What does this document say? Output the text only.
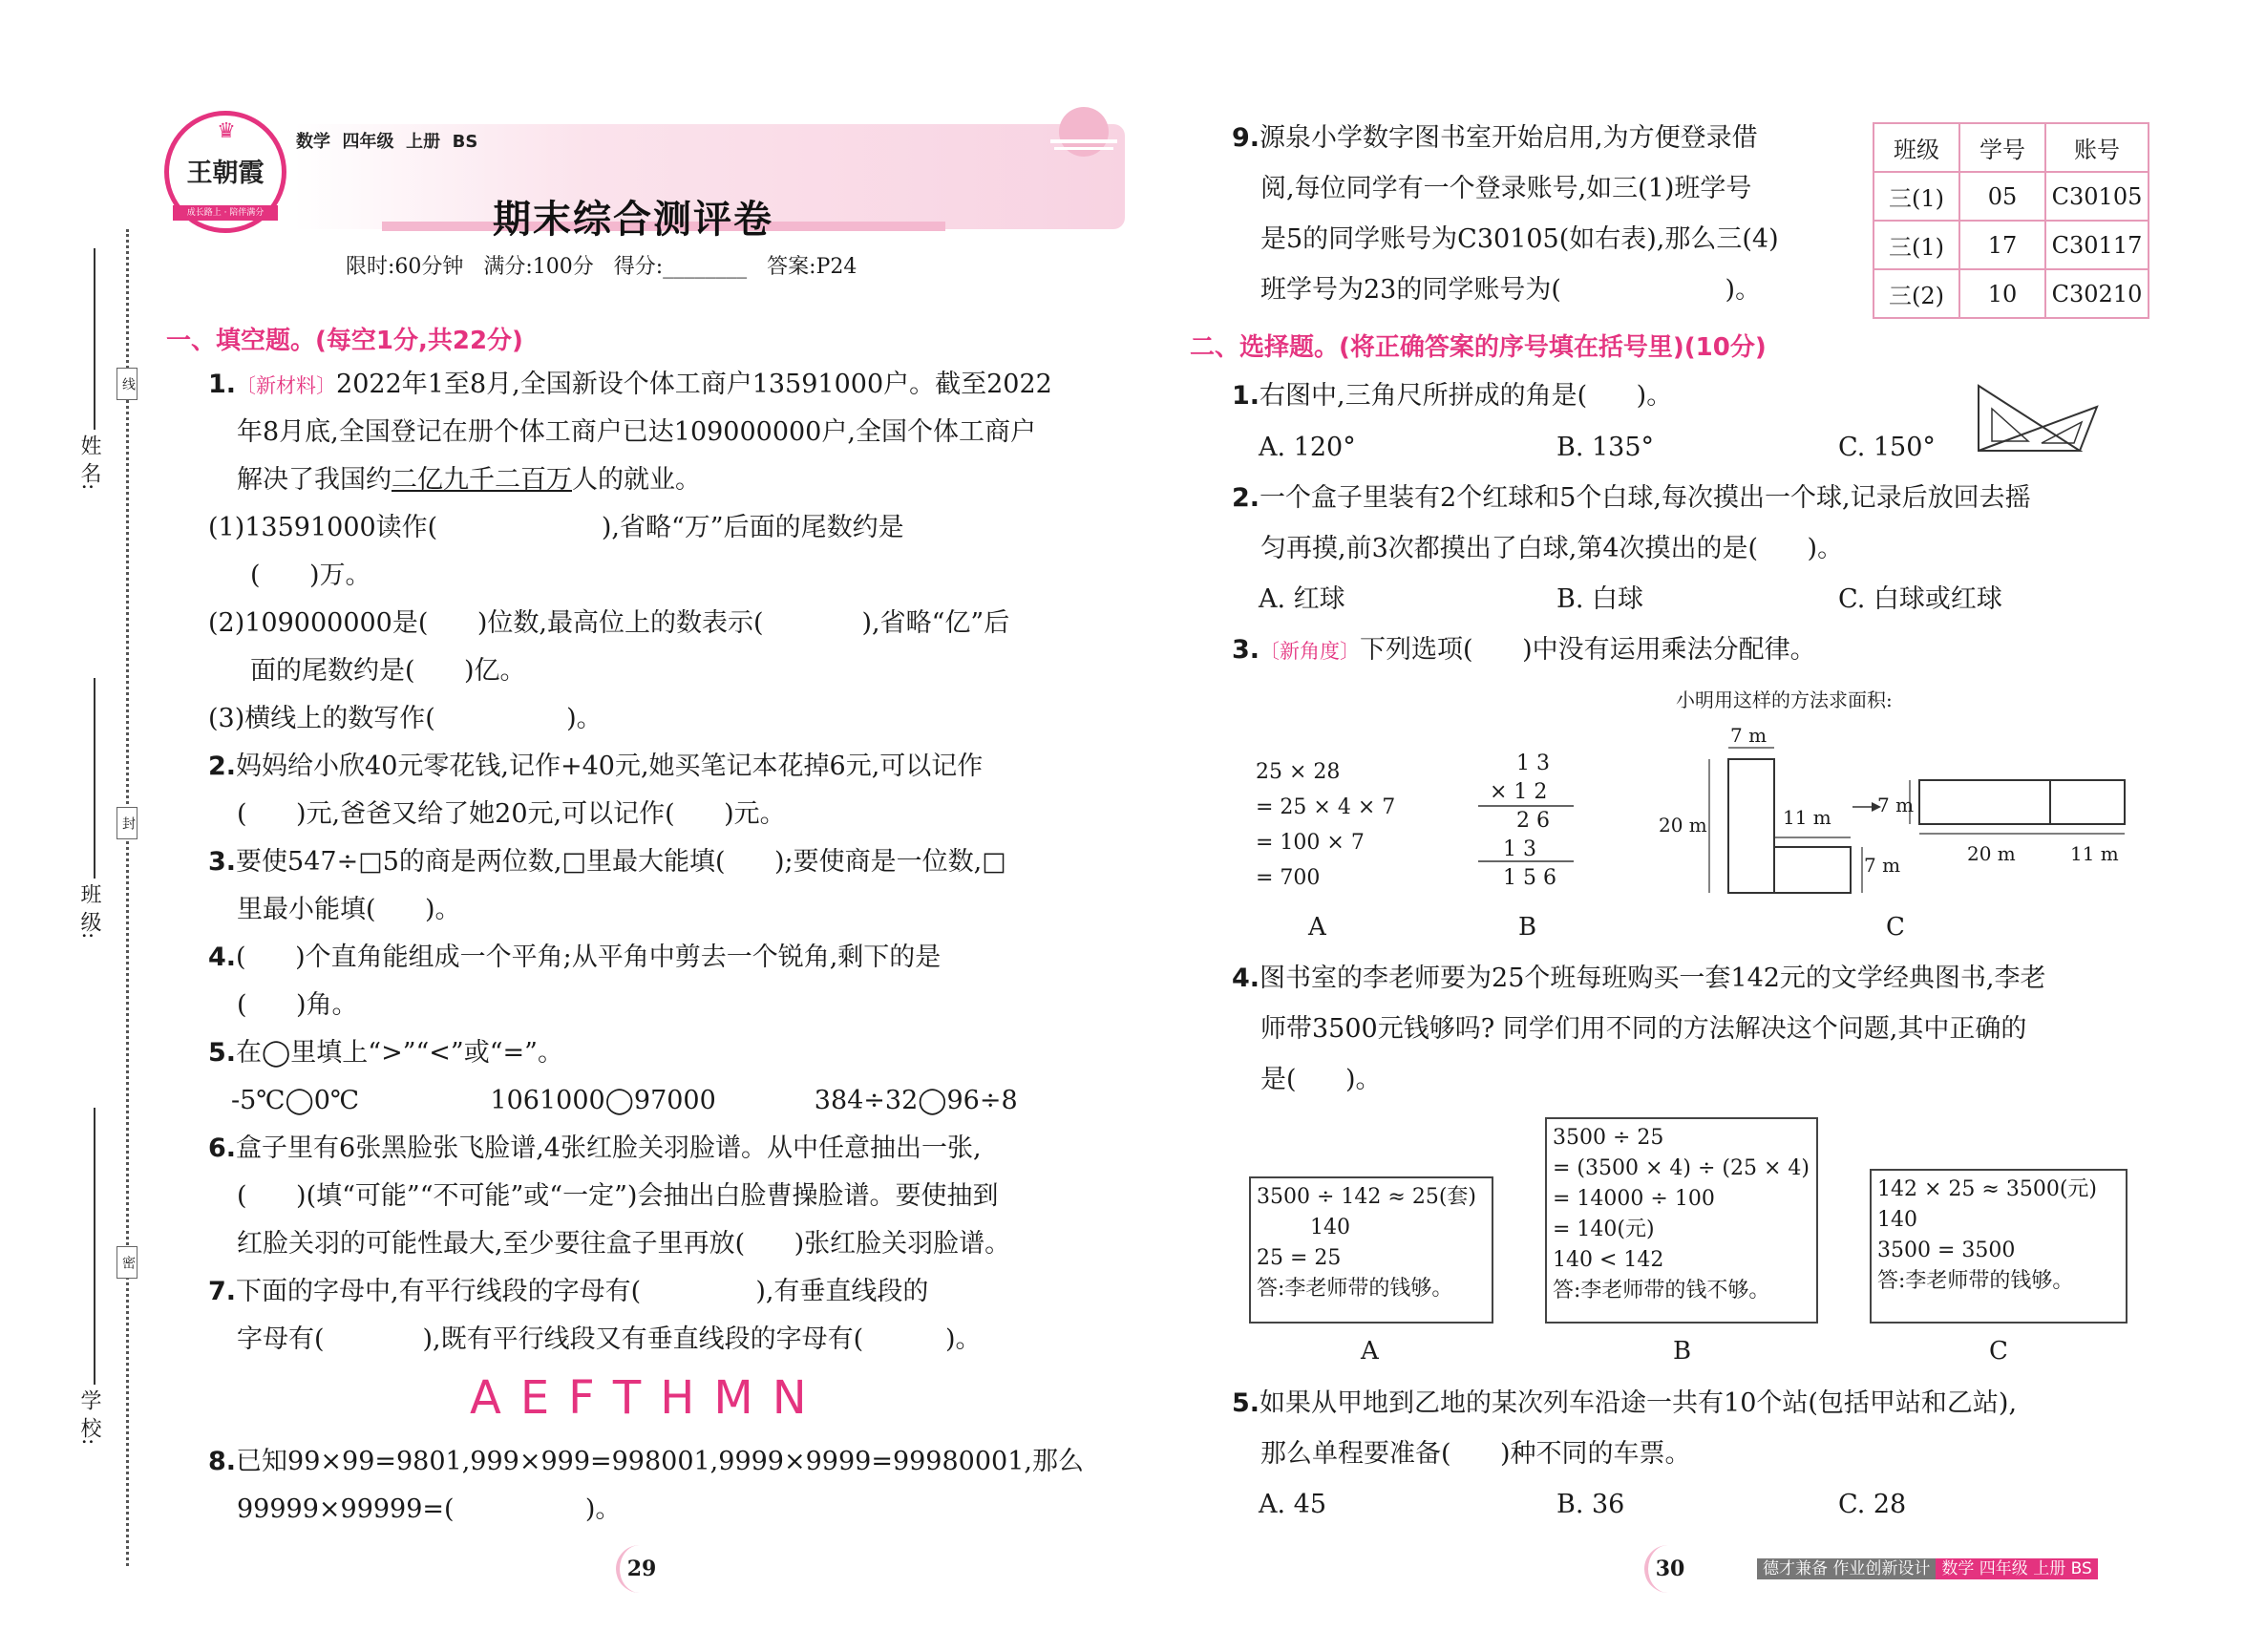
姓 名:
班 级:
学 校:
线
封
密
♛
王朝霞
成长路上 · 陪伴满分
数学  四年级  上册  BS
期末综合测评卷
限时:60分钟   满分:100分   得分:________   答案:P24
一、填空题。(每空1分,共22分)
1.〔新材料〕2022年1至8月,全国新设个体工商户13591000户。截至2022
年8月底,全国登记在册个体工商户已达109000000户,全国个体工商户
解决了我国约二亿九千二百万人的就业。
(1)13591000读作(                    ),省略“万”后面的尾数约是
(      )万。
(2)109000000是(      )位数,最高位上的数表示(            ),省略“亿”后
面的尾数约是(      )亿。
(3)横线上的数写作(                )。
2.妈妈给小欣40元零花钱,记作+40元,她买笔记本花掉6元,可以记作
(      )元,爸爸又给了她20元,可以记作(      )元。
3.要使547÷□5的商是两位数,□里最大能填(      );要使商是一位数,□
里最小能填(      )。
4.(      )个直角能组成一个平角;从平角中剪去一个锐角,剩下的是
(      )角。
5.在◯里填上“>”“<”或“=”。
-5℃◯0℃                1061000◯97000            384÷32◯96÷8
6.盒子里有6张黑脸张飞脸谱,4张红脸关羽脸谱。从中任意抽出一张,
(      )(填“可能”“不可能”或“一定”)会抽出白脸曹操脸谱。要使抽到
红脸关羽的可能性最大,至少要往盒子里再放(      )张红脸关羽脸谱。
7.下面的字母中,有平行线段的字母有(              ),有垂直线段的
字母有(            ),既有平行线段又有垂直线段的字母有(          )。
AEFTHMN
8.已知99×99=9801,999×999=998001,9999×9999=99980001,那么
99999×99999=(                )。
9.源泉小学数字图书室开始启用,为方便登录借
阅,每位同学有一个登录账号,如三(1)班学号
是5的同学账号为C30105(如右表),那么三(4)
班学号为23的同学账号为(                    )。
班级	学号	账号
三(1)	05	C30105
三(1)	17	C30117
三(2)	10	C30210
二、选择题。(将正确答案的序号填在括号里)(10分)
1.右图中,三角尺所拼成的角是(      )。
A. 120°	B. 135°	C. 150°
2.一个盒子里装有2个红球和5个白球,每次摸出一个球,记录后放回去摇
匀再摸,前3次都摸出了白球,第4次摸出的是(      )。
A. 红球	B. 白球	C. 白球或红球
3.〔新角度〕下列选项(      )中没有运用乘法分配律。
小明用这样的方法求面积:
25 × 28
= 25 × 4 × 7
= 100 × 7
= 700
1 3
× 1 2
2 6
1 3
1 5 6
7 m
20 m	11 m
7 m
7 m
20 m	11 m
A	B	C
4.图书室的李老师要为25个班每班购买一套142元的文学经典图书,李老
师带3500元钱够吗? 同学们用不同的方法解决这个问题,其中正确的
是(      )。
3500 ÷ 142 ≈ 25(套)
140
25 = 25
答:李老师带的钱够。
3500 ÷ 25
= (3500 × 4) ÷ (25 × 4)
= 14000 ÷ 100
= 140(元)
140 < 142
答:李老师带的钱不够。
142 × 25 ≈ 3500(元)
140
3500 = 3500
答:李老师带的钱够。
A	B	C
5.如果从甲地到乙地的某次列车沿途一共有10个站(包括甲站和乙站),
那么单程要准备(      )种不同的车票。
A. 45	B. 36	C. 28
29	30	德才兼备 作业创新设计 数学 四年级 上册 BS
